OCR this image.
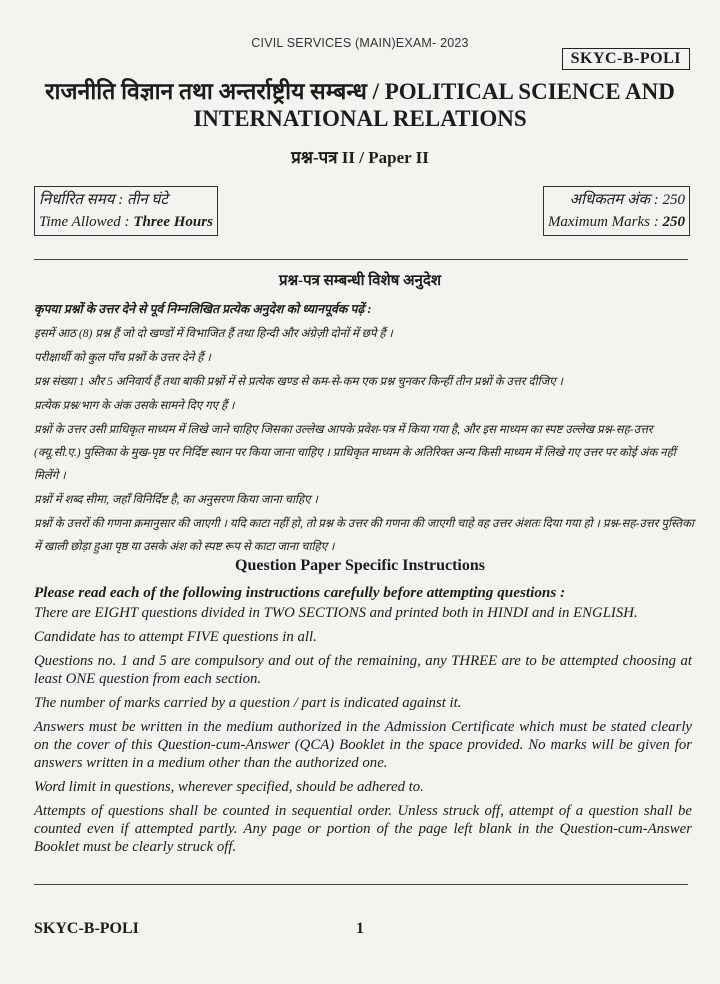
CIVIL SERVICES (MAIN)EXAM- 2023
SKYC-B-POLI
राजनीति विज्ञान तथा अन्तर्राष्ट्रीय सम्बन्ध / POLITICAL SCIENCE AND
INTERNATIONAL RELATIONS
प्रश्न-पत्र II / Paper II
निर्धारित समय : तीन घंटे
Time Allowed : Three Hours
अधिकतम अंक : 250
Maximum Marks : 250
प्रश्न-पत्र सम्बन्धी विशेष अनुदेश

कृपया प्रश्नों के उत्तर देने से पूर्व निम्नलिखित प्रत्येक अनुदेश को ध्यानपूर्वक पढ़ें :

इसमें आठ (8) प्रश्न हैं जो दो खण्डों में विभाजित हैं तथा हिन्दी और अंग्रेज़ी दोनों में छपे हैं ।

परीक्षार्थी को कुल पाँच प्रश्नों के उत्तर देने हैं ।

प्रश्न संख्या 1 और 5 अनिवार्य हैं तथा बाकी प्रश्नों में से प्रत्येक खण्ड से कम-से-कम एक प्रश्न चुनकर किन्हीं तीन प्रश्नों के उत्तर दीजिए ।

प्रत्येक प्रश्न/भाग के अंक उसके सामने दिए गए हैं ।

प्रश्नों के उत्तर उसी प्राधिकृत माध्यम में लिखे जाने चाहिए जिसका उल्लेख आपके प्रवेश-पत्र में किया गया है, और इस माध्यम का स्पष्ट उल्लेख प्रश्न-सह-उत्तर (क्यू.सी.ए.) पुस्तिका के मुख-पृष्ठ पर निर्दिष्ट स्थान पर किया जाना चाहिए । प्राधिकृत माध्यम के अतिरिक्त अन्य किसी माध्यम में लिखे गए उत्तर पर कोई अंक नहीं मिलेंगे ।

प्रश्नों में शब्द सीमा, जहाँ विनिर्दिष्ट है, का अनुसरण किया जाना चाहिए ।

प्रश्नों के उत्तरों की गणना क्रमानुसार की जाएगी । यदि काटा नहीं हो, तो प्रश्न के उत्तर की गणना की जाएगी चाहे वह उत्तर अंशतः दिया गया हो । प्रश्न-सह-उत्तर पुस्तिका में खाली छोड़ा हुआ पृष्ठ या उसके अंश को स्पष्ट रूप से काटा जाना चाहिए ।

Question Paper Specific Instructions

Please read each of the following instructions carefully before attempting questions :

There are EIGHT questions divided in TWO SECTIONS and printed both in HINDI and in ENGLISH.

Candidate has to attempt FIVE questions in all.

Questions no. 1 and 5 are compulsory and out of the remaining, any THREE are to be attempted choosing at least ONE question from each section.

The number of marks carried by a question / part is indicated against it.

Answers must be written in the medium authorized in the Admission Certificate which must be stated clearly on the cover of this Question-cum-Answer (QCA) Booklet in the space provided. No marks will be given for answers written in a medium other than the authorized one.

Word limit in questions, wherever specified, should be adhered to.

Attempts of questions shall be counted in sequential order. Unless struck off, attempt of a question shall be counted even if attempted partly. Any page or portion of the page left blank in the Question-cum-Answer Booklet must be clearly struck off.

SKYC-B-POLI	1
